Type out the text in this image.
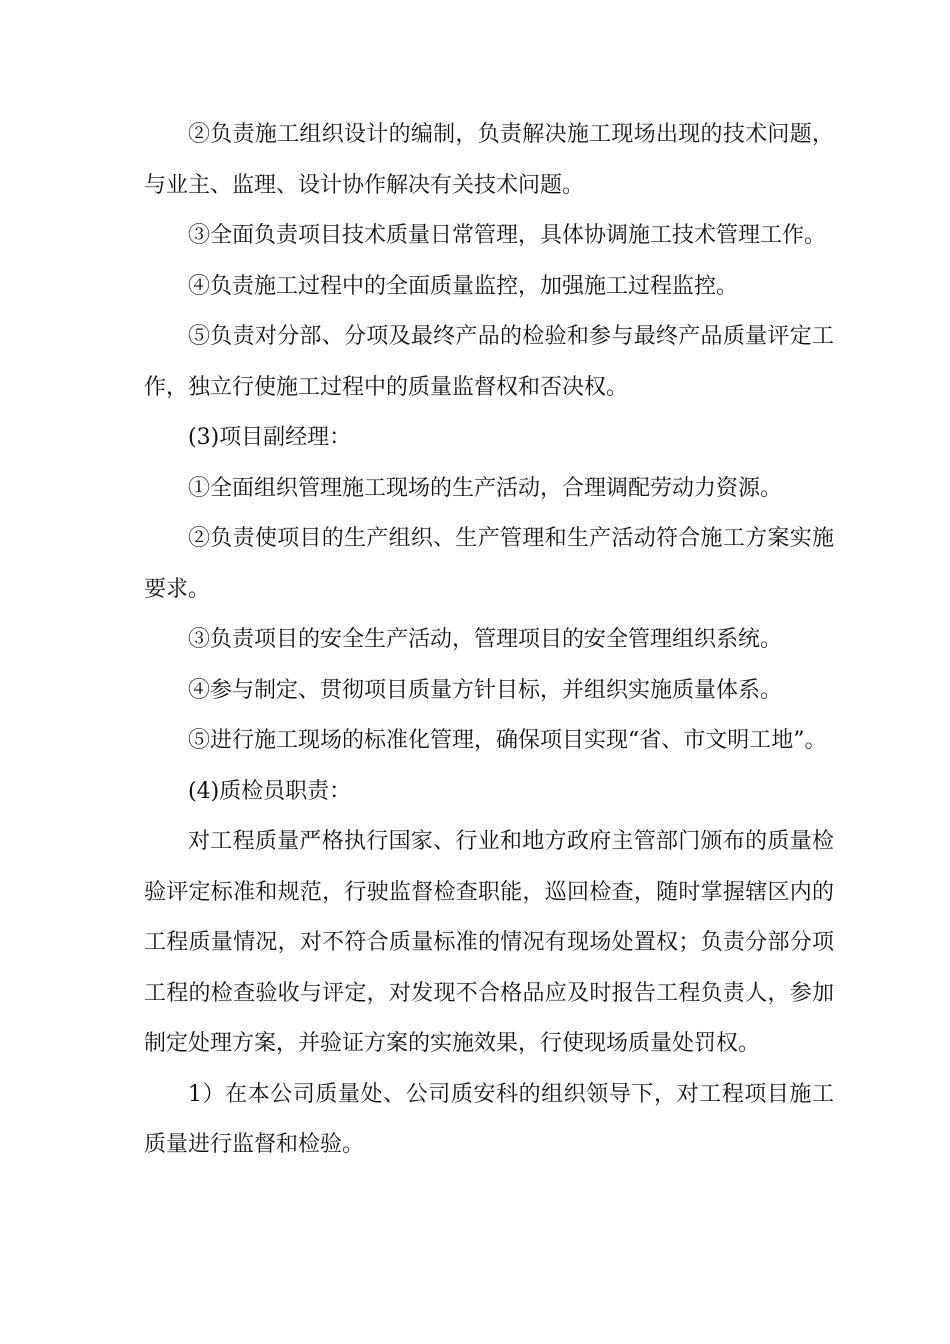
②负责施工组织设计的编制，负责解决施工现场出现的技术问题，与业主、监理、设计协作解决有关技术问题。

③全面负责项目技术质量日常管理，具体协调施工技术管理工作。

④负责施工过程中的全面质量监控，加强施工过程监控。

⑤负责对分部、分项及最终产品的检验和参与最终产品质量评定工作，独立行使施工过程中的质量监督权和否决权。

(3)项目副经理：

①全面组织管理施工现场的生产活动，合理调配劳动力资源。

②负责使项目的生产组织、生产管理和生产活动符合施工方案实施要求。

③负责项目的安全生产活动，管理项目的安全管理组织系统。

④参与制定、贯彻项目质量方针目标，并组织实施质量体系。

⑤进行施工现场的标准化管理，确保项目实现“省、市文明工地”。

(4)质检员职责：

对工程质量严格执行国家、行业和地方政府主管部门颁布的质量检验评定标准和规范，行驶监督检查职能，巡回检查，随时掌握辖区内的工程质量情况，对不符合质量标准的情况有现场处置权；负责分部分项工程的检查验收与评定，对发现不合格品应及时报告工程负责人，参加制定处理方案，并验证方案的实施效果，行使现场质量处罚权。

1）在本公司质量处、公司质安科的组织领导下，对工程项目施工质量进行监督和检验。
